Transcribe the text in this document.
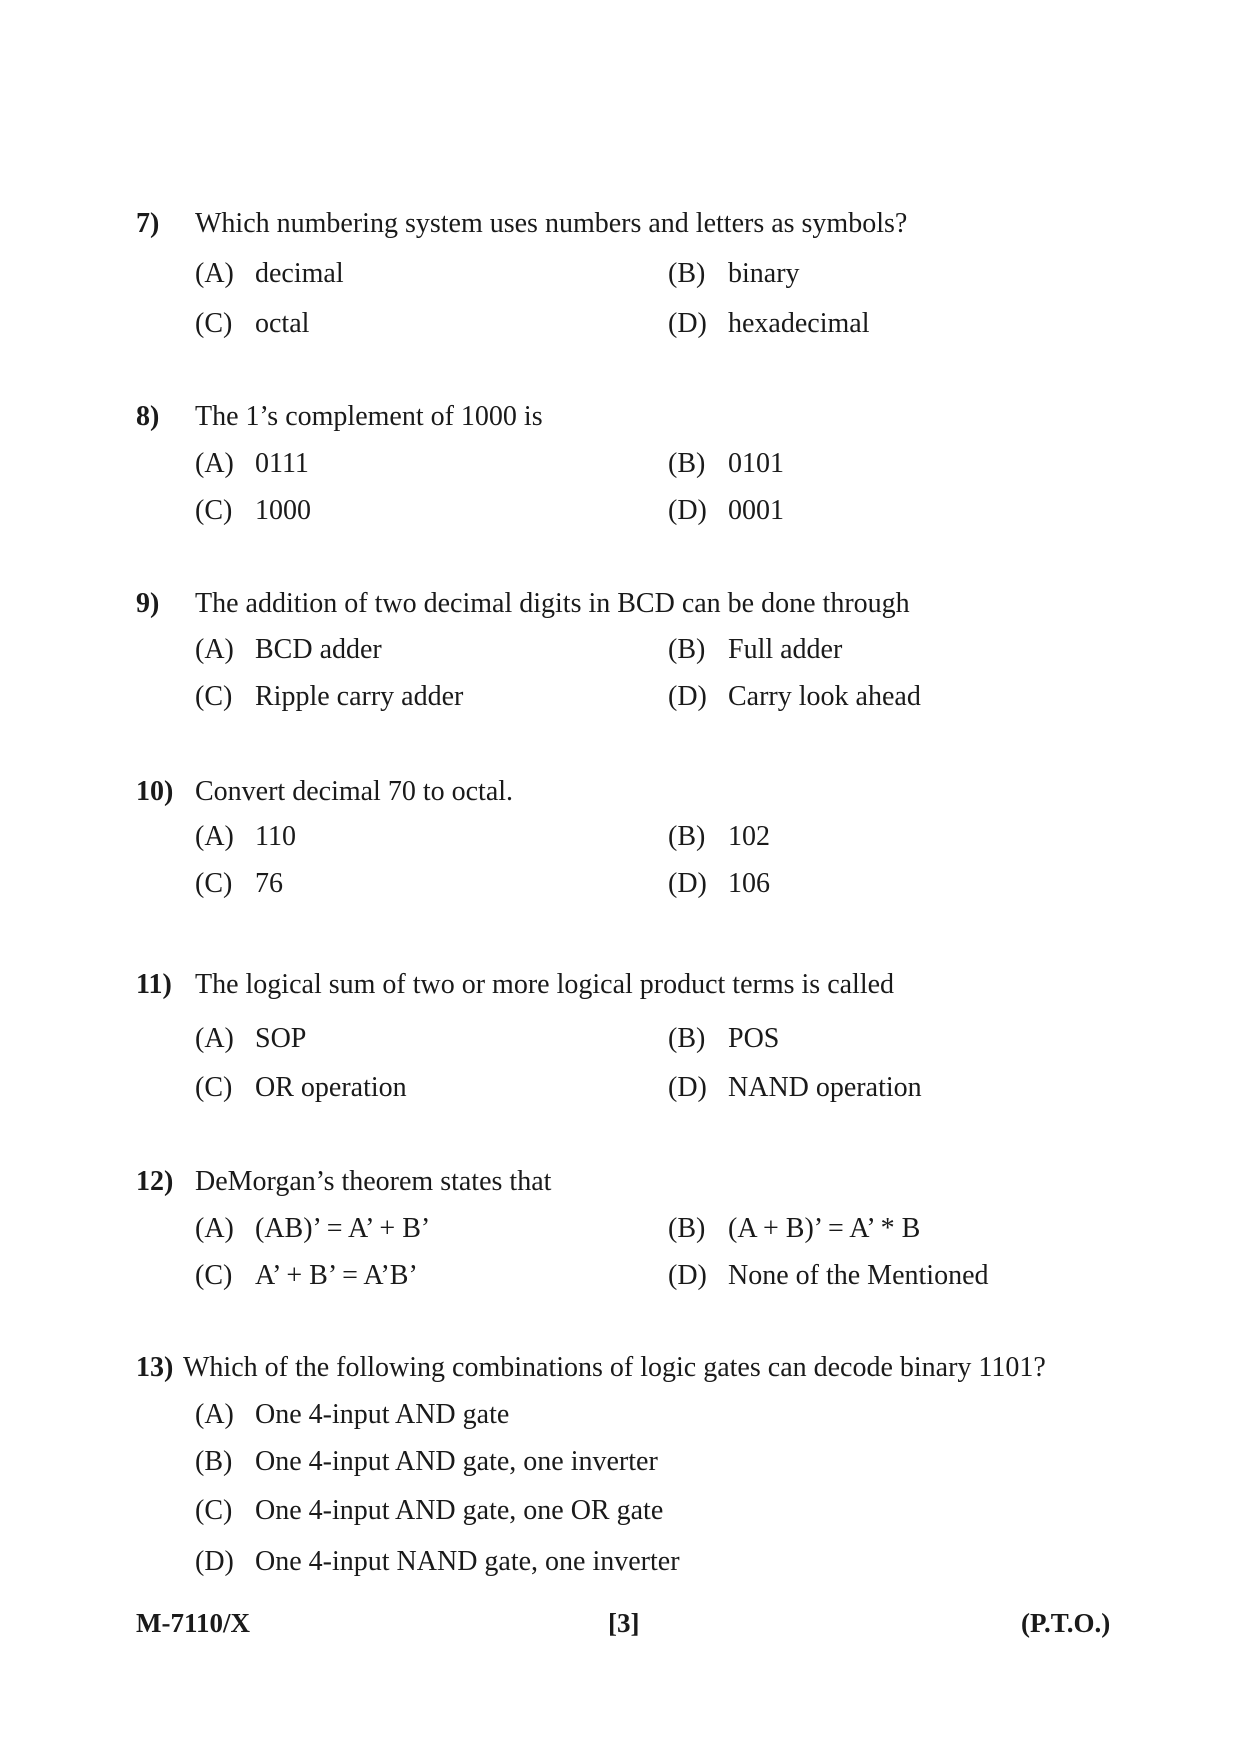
7) Which numbering system uses numbers and letters as symbols?
(A) decimal	(B) binary
(C) octal	(D) hexadecimal
8) The 1’s complement of 1000 is
(A) 0111	(B) 0101
(C) 1000	(D) 0001
9) The addition of two decimal digits in BCD can be done through
(A) BCD adder	(B) Full adder
(C) Ripple carry adder	(D) Carry look ahead
10) Convert decimal 70 to octal.
(A) 110	(B) 102
(C) 76	(D) 106
11) The logical sum of two or more logical product terms is called
(A) SOP	(B) POS
(C) OR operation	(D) NAND operation
12) DeMorgan’s theorem states that
(A) (AB)’ = A’ + B’	(B) (A + B)’ = A’ * B
(C) A’ + B’ = A’B’	(D) None of the Mentioned
13) Which of the following combinations of logic gates can decode binary 1101?
(A) One 4-input AND gate
(B) One 4-input AND gate, one inverter
(C) One 4-input AND gate, one OR gate
(D) One 4-input NAND gate, one inverter
M-7110/X	[3]	(P.T.O.)
